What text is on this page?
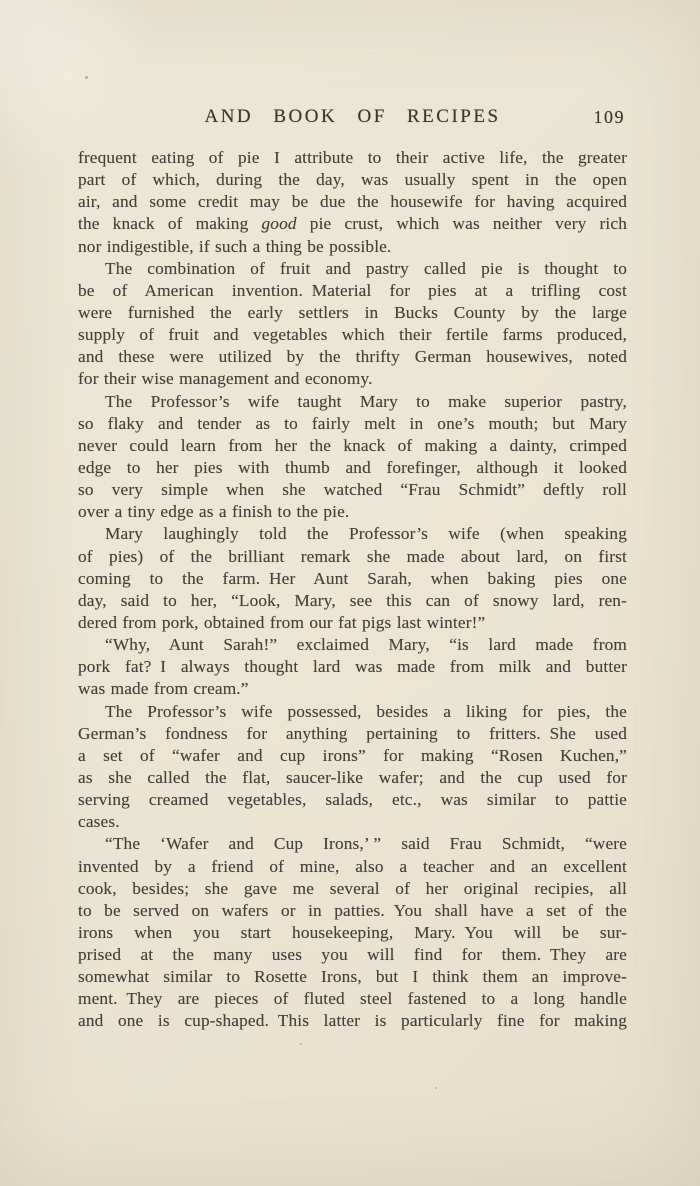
AND BOOK OF RECIPES	109
frequent eating of pie I attribute to their active life, the greater
part of which, during the day, was usually spent in the open
air, and some credit may be due the housewife for having acquired
the knack of making good pie crust, which was neither very rich
nor indigestible, if such a thing be possible.
The combination of fruit and pastry called pie is thought to
be of American invention. Material for pies at a trifling cost
were furnished the early settlers in Bucks County by the large
supply of fruit and vegetables which their fertile farms produced,
and these were utilized by the thrifty German housewives, noted
for their wise management and economy.
The Professor’s wife taught Mary to make superior pastry,
so flaky and tender as to fairly melt in one’s mouth; but Mary
never could learn from her the knack of making a dainty, crimped
edge to her pies with thumb and forefinger, although it looked
so very simple when she watched “Frau Schmidt” deftly roll
over a tiny edge as a finish to the pie.
Mary laughingly told the Professor’s wife (when speaking
of pies) of the brilliant remark she made about lard, on first
coming to the farm. Her Aunt Sarah, when baking pies one
day, said to her, “Look, Mary, see this can of snowy lard, ren-
dered from pork, obtained from our fat pigs last winter!”
“Why, Aunt Sarah!” exclaimed Mary, “is lard made from
pork fat? I always thought lard was made from milk and butter
was made from cream.”
The Professor’s wife possessed, besides a liking for pies, the
German’s fondness for anything pertaining to fritters. She used
a set of “wafer and cup irons” for making “Rosen Kuchen,”
as she called the flat, saucer-like wafer; and the cup used for
serving creamed vegetables, salads, etc., was similar to pattie
cases.
“The ‘Wafer and Cup Irons,’ ” said Frau Schmidt, “were
invented by a friend of mine, also a teacher and an excellent
cook, besides; she gave me several of her original recipies, all
to be served on wafers or in patties. You shall have a set of the
irons when you start housekeeping, Mary. You will be sur-
prised at the many uses you will find for them. They are
somewhat similar to Rosette Irons, but I think them an improve-
ment. They are pieces of fluted steel fastened to a long handle
and one is cup-shaped. This latter is particularly fine for making
